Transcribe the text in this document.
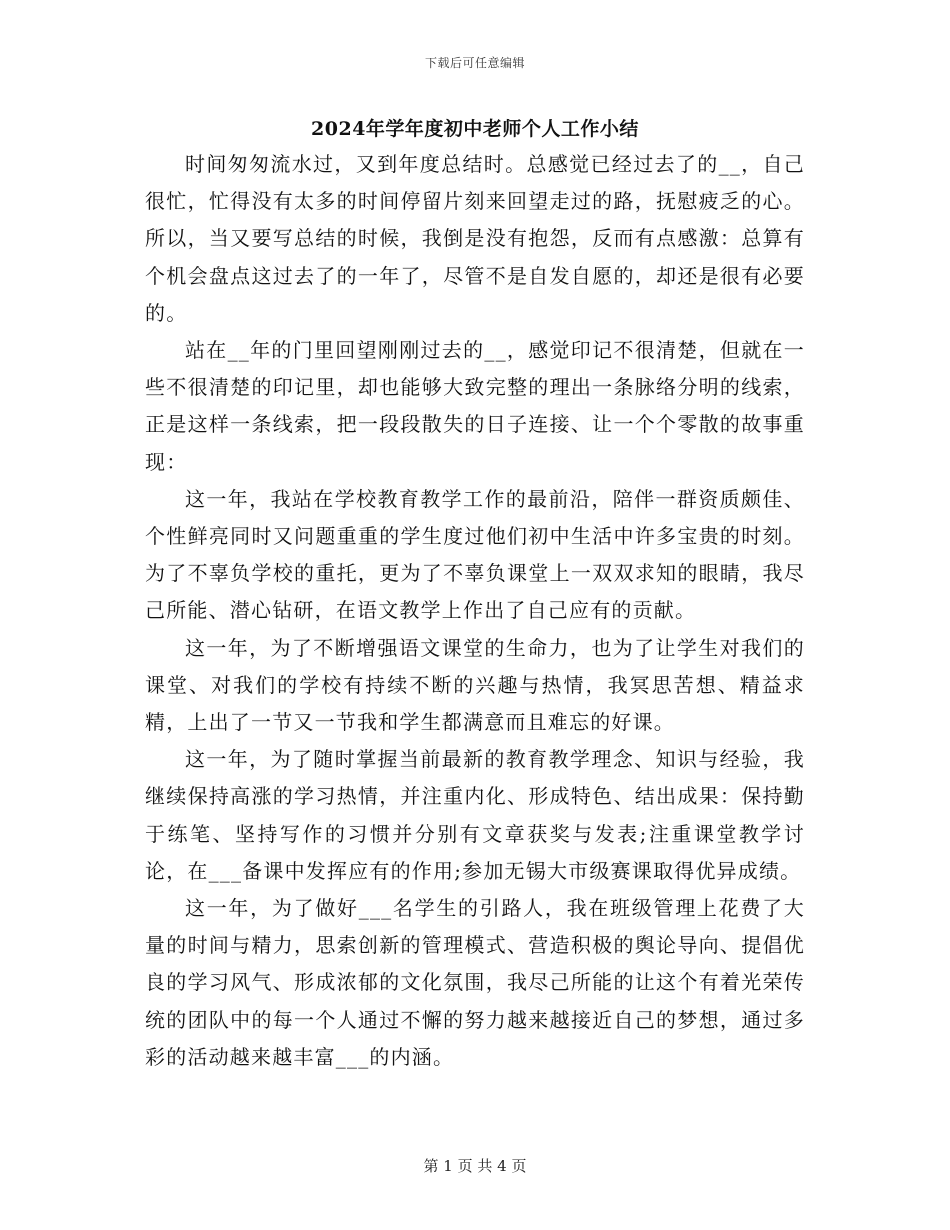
下载后可任意编辑
2024年学年度初中老师个人工作小结

时间匆匆流水过，又到年度总结时。总感觉已经过去了的__，自己很忙，忙得没有太多的时间停留片刻来回望走过的路，抚慰疲乏的心。所以，当又要写总结的时候，我倒是没有抱怨，反而有点感激：总算有个机会盘点这过去了的一年了，尽管不是自发自愿的，却还是很有必要的。

站在__年的门里回望刚刚过去的__，感觉印记不很清楚，但就在一些不很清楚的印记里，却也能够大致完整的理出一条脉络分明的线索，正是这样一条线索，把一段段散失的日子连接、让一个个零散的故事重现：

这一年，我站在学校教育教学工作的最前沿，陪伴一群资质颇佳、个性鲜亮同时又问题重重的学生度过他们初中生活中许多宝贵的时刻。为了不辜负学校的重托，更为了不辜负课堂上一双双求知的眼睛，我尽己所能、潜心钻研，在语文教学上作出了自己应有的贡献。

这一年，为了不断增强语文课堂的生命力，也为了让学生对我们的课堂、对我们的学校有持续不断的兴趣与热情，我冥思苦想、精益求精，上出了一节又一节我和学生都满意而且难忘的好课。

这一年，为了随时掌握当前最新的教育教学理念、知识与经验，我继续保持高涨的学习热情，并注重内化、形成特色、结出成果：保持勤于练笔、坚持写作的习惯并分别有文章获奖与发表;注重课堂教学讨论，在___备课中发挥应有的作用;参加无锡大市级赛课取得优异成绩。

这一年，为了做好___名学生的引路人，我在班级管理上花费了大量的时间与精力，思索创新的管理模式、营造积极的舆论导向、提倡优良的学习风气、形成浓郁的文化氛围，我尽己所能的让这个有着光荣传统的团队中的每一个人通过不懈的努力越来越接近自己的梦想，通过多彩的活动越来越丰富___的内涵。

第 1 页 共 4 页
